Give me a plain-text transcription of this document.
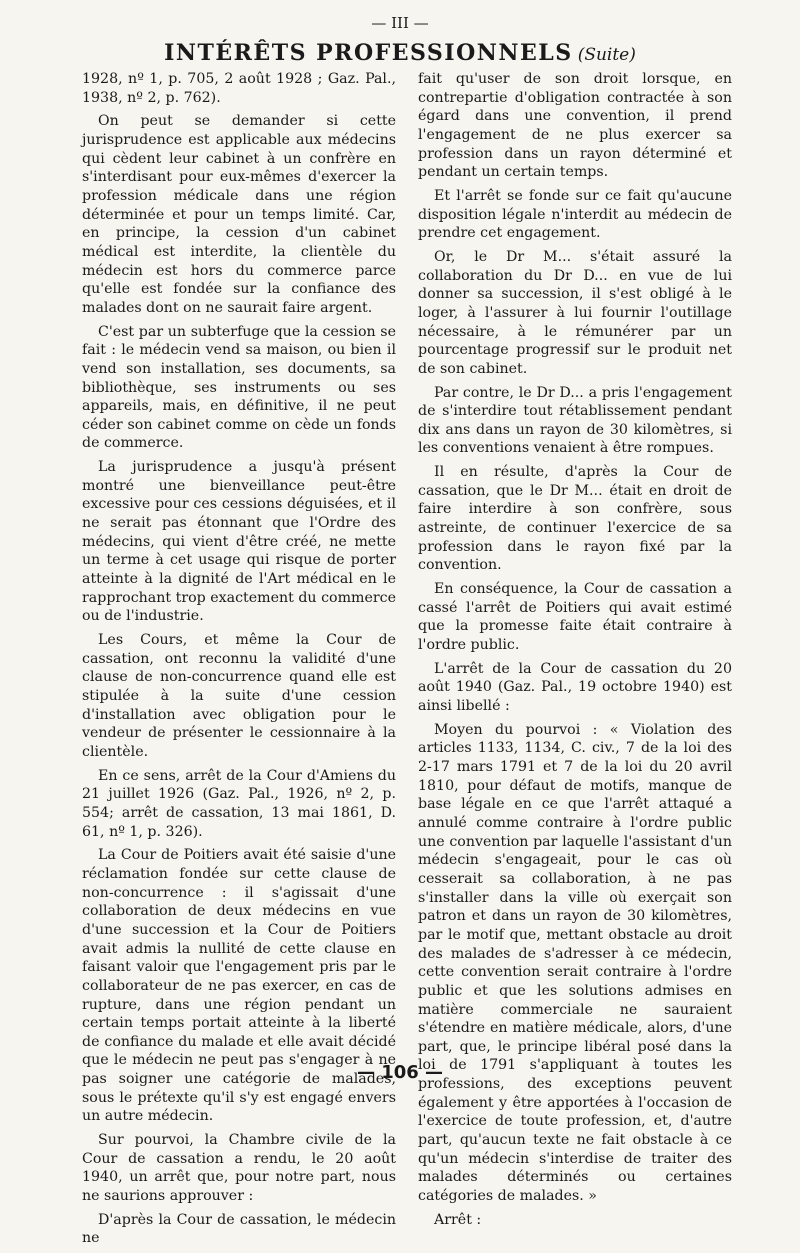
— III —
INTÉRÊTS PROFESSIONNELS (Suite)

1928, nº 1, p. 705, 2 août 1928 ; Gaz. Pal., 1938, nº 2, p. 762).

On peut se demander si cette jurisprudence est applicable aux médecins qui cèdent leur cabinet à un confrère en s'interdisant pour eux-mêmes d'exercer la profession médicale dans une région déterminée et pour un temps limité. Car, en principe, la cession d'un cabinet médical est interdite, la clientèle du médecin est hors du commerce parce qu'elle est fondée sur la confiance des malades dont on ne saurait faire argent.

C'est par un subterfuge que la cession se fait : le médecin vend sa maison, ou bien il vend son installation, ses documents, sa bibliothèque, ses instruments ou ses appareils, mais, en définitive, il ne peut céder son cabinet comme on cède un fonds de commerce.

La jurisprudence a jusqu'à présent montré une bienveillance peut-être excessive pour ces cessions déguisées, et il ne serait pas étonnant que l'Ordre des médecins, qui vient d'être créé, ne mette un terme à cet usage qui risque de porter atteinte à la dignité de l'Art médical en le rapprochant trop exactement du commerce ou de l'industrie.

Les Cours, et même la Cour de cassation, ont reconnu la validité d'une clause de non-concurrence quand elle est stipulée à la suite d'une cession d'installation avec obligation pour le vendeur de présenter le cessionnaire à la clientèle.

En ce sens, arrêt de la Cour d'Amiens du 21 juillet 1926 (Gaz. Pal., 1926, nº 2, p. 554; arrêt de cassation, 13 mai 1861, D. 61, nº 1, p. 326).

La Cour de Poitiers avait été saisie d'une réclamation fondée sur cette clause de non-concurrence : il s'agissait d'une collaboration de deux médecins en vue d'une succession et la Cour de Poitiers avait admis la nullité de cette clause en faisant valoir que l'engagement pris par le collaborateur de ne pas exercer, en cas de rupture, dans une région pendant un certain temps portait atteinte à la liberté de confiance du malade et elle avait décidé que le médecin ne peut pas s'engager à ne pas soigner une catégorie de malades, sous le prétexte qu'il s'y est engagé envers un autre médecin.

Sur pourvoi, la Chambre civile de la Cour de cassation a rendu, le 20 août 1940, un arrêt que, pour notre part, nous ne saurions approuver :

D'après la Cour de cassation, le médecin ne

fait qu'user de son droit lorsque, en contrepartie d'obligation contractée à son égard dans une convention, il prend l'engagement de ne plus exercer sa profession dans un rayon déterminé et pendant un certain temps.

Et l'arrêt se fonde sur ce fait qu'aucune disposition légale n'interdit au médecin de prendre cet engagement.

Or, le Dr M... s'était assuré la collaboration du Dr D... en vue de lui donner sa succession, il s'est obligé à le loger, à l'assurer à lui fournir l'outillage nécessaire, à le rémunérer par un pourcentage progressif sur le produit net de son cabinet.

Par contre, le Dr D... a pris l'engagement de s'interdire tout rétablissement pendant dix ans dans un rayon de 30 kilomètres, si les conventions venaient à être rompues.

Il en résulte, d'après la Cour de cassation, que le Dr M... était en droit de faire interdire à son confrère, sous astreinte, de continuer l'exercice de sa profession dans le rayon fixé par la convention.

En conséquence, la Cour de cassation a cassé l'arrêt de Poitiers qui avait estimé que la promesse faite était contraire à l'ordre public.

L'arrêt de la Cour de cassation du 20 août 1940 (Gaz. Pal., 19 octobre 1940) est ainsi libellé :

Moyen du pourvoi : « Violation des articles 1133, 1134, C. civ., 7 de la loi des 2-17 mars 1791 et 7 de la loi du 20 avril 1810, pour défaut de motifs, manque de base légale en ce que l'arrêt attaqué a annulé comme contraire à l'ordre public une convention par laquelle l'assistant d'un médecin s'engageait, pour le cas où cesserait sa collaboration, à ne pas s'installer dans la ville où exerçait son patron et dans un rayon de 30 kilomètres, par le motif que, mettant obstacle au droit des malades de s'adresser à ce médecin, cette convention serait contraire à l'ordre public et que les solutions admises en matière commerciale ne sauraient s'étendre en matière médicale, alors, d'une part, que, le principe libéral posé dans la loi de 1791 s'appliquant à toutes les professions, des exceptions peuvent également y être apportées à l'occasion de l'exercice de toute profession, et, d'autre part, qu'aucun texte ne fait obstacle à ce qu'un médecin s'interdise de traiter des malades déterminés ou certaines catégories de malades. »

Arrêt :

— 106 —
